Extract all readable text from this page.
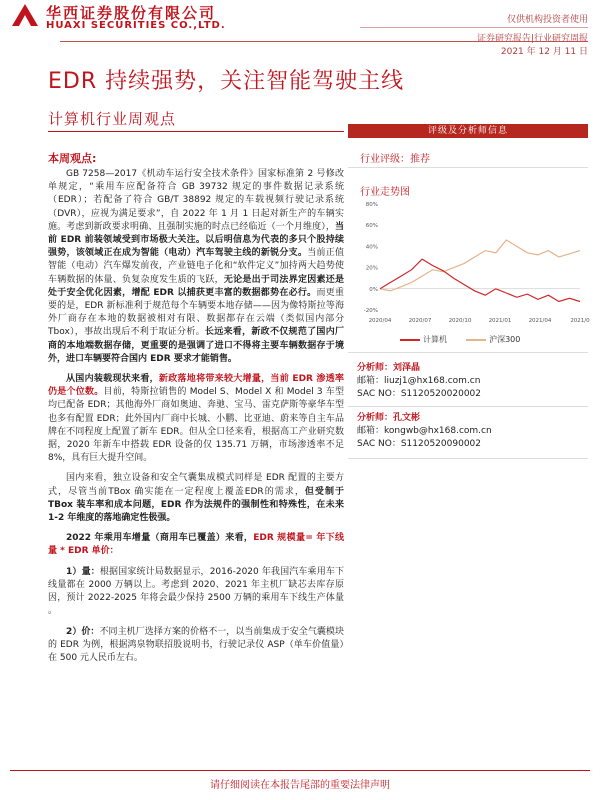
华西证券股份有限公司
HUAXI SECURITIES CO.,LTD.	仅供机构投资者使用
证券研究报告|行业研究周报
2021 年 12 月 11 日
EDR 持续强势，关注智能驾驶主线
计算机行业周观点
本周观点:

GB 7258—2017《机动车运行安全技术条件》国家标准第 2 号修改单规定，“乘用车应配备符合 GB 39732 规定的事件数据记录系统（EDR）；若配备了符合 GB/T 38892 规定的车载视频行驶记录系统（DVR），应视为满足要求”，自 2022 年 1 月 1 日起对新生产的车辆实施。考虑到新政要求明确、且强制实施的时点已经临近（一个月维度），当前 EDR 前装领域受到市场极大关注。以后明信息为代表的多只个股持续强势，该领域正在成为智能（电动）汽车驾驶主线的新锐分支。当前正值智能（电动）汽车爆发前夜，产业链电子化和“软件定义”加持两大趋势使车辆数据的体量、负复杂度发生质的飞跃，无论是出于司法界定因素还是处于安全优化因素，增配 EDR 以捕获更丰富的数据都势在必行。而更重要的是，EDR 新标准利于规范每个车辆要本地存储——因为像特斯拉等海外厂商存在本地的数据被相对有限、数据都存在云端（类似国内部分 Tbox），事故出现后不利于取证分析。长远来看，新政不仅规范了国内厂商的本地端数据存储，更重要的是强调了进口不得将主要车辆数据存于境外，进口车辆要符合国内 EDR 要求才能销售。

从国内装载现状来看，新政落地将带来较大增量，当前 EDR 渗透率仍是个位数。目前，特斯拉销售的 Model S、Model X 和 Model 3 车型均已配备 EDR；其他海外厂商如奥迪、奔驰、宝马、雷克萨斯等豪华车型也多有配置 EDR；此外国内厂商中长城、小鹏、比亚迪、蔚来等自主车品牌在不同程度上配置了新车 EDR。但从全口径来看，根据高工产业研究数据，2020 年新车中搭载 EDR 设备的仅 135.71 万辆，市场渗透率不足 8%，具有巨大提升空间。

国内来看，独立设备和安全气囊集成模式同样是 EDR 配置的主要方式，尽管当前TBox 确实能在一定程度上覆盖EDR的需求，但受制于 TBox 装车率和成本问题，EDR 作为法规件的强制性和特殊性，在未来 1-2 年维度的落地确定性极强。

2022 年乘用车增量（商用车已覆盖）来看，EDR 规模量= 年下线量 * EDR 单价：

1）量：根据国家统计局数据显示，2016-2020 年我国汽车乘用车下线量都在 2000 万辆以上。考虑到 2020、2021 年主机厂缺芯去库存原因，预计 2022-2025 年将会最少保持 2500 万辆的乘用车下线生产体量 。

2）价：不同主机厂选择方案的价格不一，以当前集成于安全气囊模块的 EDR 为例，根据鸿泉物联招股说明书，行驶记录仪 ASP（单车价值量）在 500 元人民币左右。

评级及分析师信息
行业评级：推荐
行业走势图
80%
60%
40%
20%
0%
-20%
2020/04	2020/07	2020/10	2021/01	2021/04	2021/0
计算机	沪深300
分析师：刘泽晶
邮箱：liuzj1@hx168.com.cn
SAC NO：S1120520020002
分析师：孔文彬
邮箱：kongwb@hx168.com.cn
SAC NO：S1120520090002
请仔细阅读在本报告尾部的重要法律声明
